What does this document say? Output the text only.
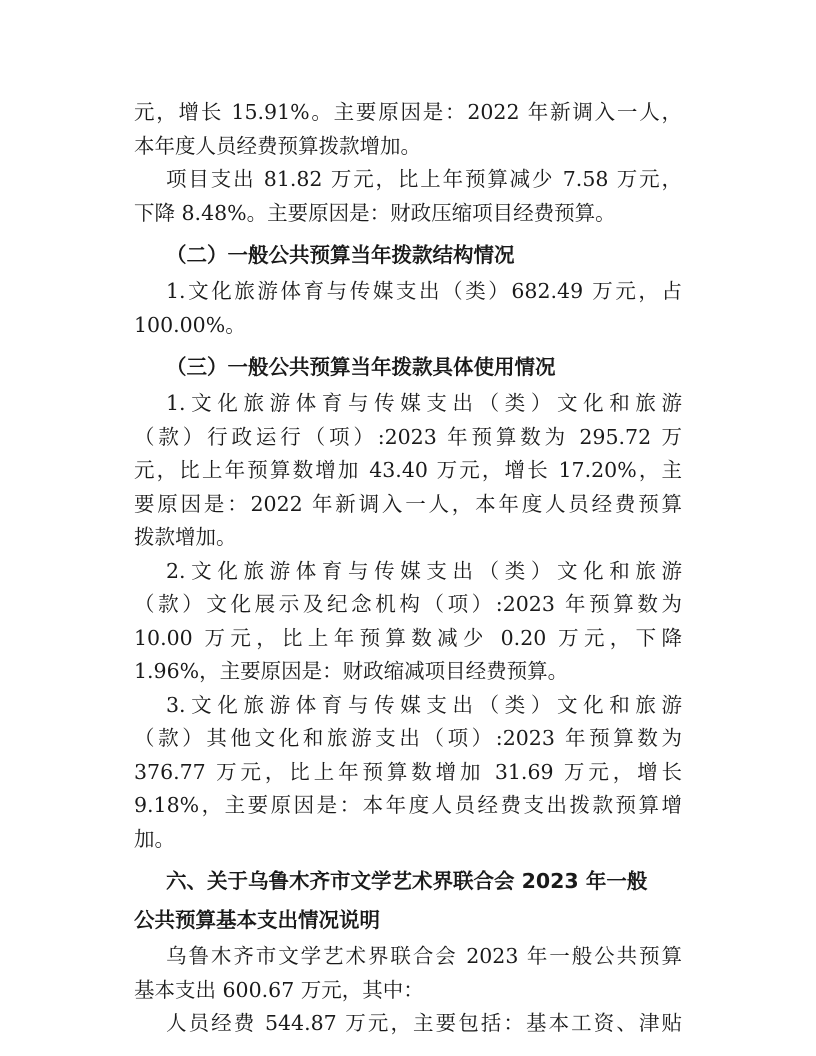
元，增长 15.91%。主要原因是：2022 年新调入一人，
本年度人员经费预算拨款增加。
项目支出 81.82 万元，比上年预算减少 7.58 万元，
下降 8.48%。主要原因是：财政压缩项目经费预算。
（二）一般公共预算当年拨款结构情况
1.文化旅游体育与传媒支出（类）682.49 万元，占
100.00%。
（三）一般公共预算当年拨款具体使用情况
1.文化旅游体育与传媒支出（类）文化和旅游
（款）行政运行（项）:2023 年预算数为 295.72 万
元，比上年预算数增加 43.40 万元，增长 17.20%，主
要原因是：2022 年新调入一人，本年度人员经费预算
拨款增加。
2.文化旅游体育与传媒支出（类）文化和旅游
（款）文化展示及纪念机构（项）:2023 年预算数为
10.00 万元，比上年预算数减少 0.20 万元，下降
1.96%，主要原因是：财政缩减项目经费预算。
3.文化旅游体育与传媒支出（类）文化和旅游
（款）其他文化和旅游支出（项）:2023 年预算数为
376.77 万元，比上年预算数增加 31.69 万元，增长
9.18%，主要原因是：本年度人员经费支出拨款预算增
加。
六、关于乌鲁木齐市文学艺术界联合会 2023 年一般
公共预算基本支出情况说明
乌鲁木齐市文学艺术界联合会 2023 年一般公共预算
基本支出 600.67 万元，其中：
人员经费 544.87 万元，主要包括：基本工资、津贴
